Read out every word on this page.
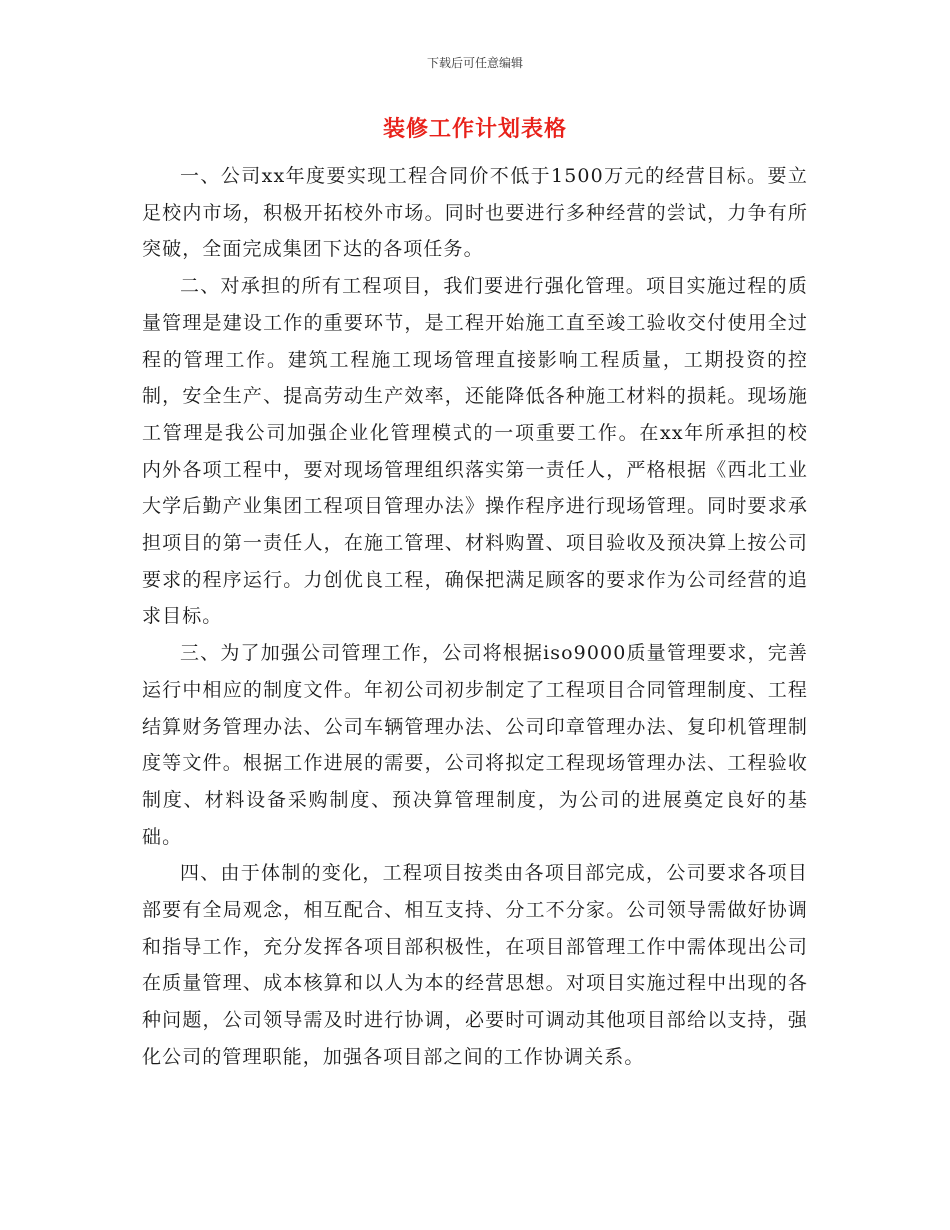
下载后可任意编辑
装修工作计划表格

一、公司xx年度要实现工程合同价不低于1500万元的经营目标。要立足校内市场，积极开拓校外市场。同时也要进行多种经营的尝试，力争有所突破，全面完成集团下达的各项任务。

二、对承担的所有工程项目，我们要进行强化管理。项目实施过程的质量管理是建设工作的重要环节，是工程开始施工直至竣工验收交付使用全过程的管理工作。建筑工程施工现场管理直接影响工程质量，工期投资的控制，安全生产、提高劳动生产效率，还能降低各种施工材料的损耗。现场施工管理是我公司加强企业化管理模式的一项重要工作。在xx年所承担的校内外各项工程中，要对现场管理组织落实第一责任人，严格根据《西北工业大学后勤产业集团工程项目管理办法》操作程序进行现场管理。同时要求承担项目的第一责任人，在施工管理、材料购置、项目验收及预决算上按公司要求的程序运行。力创优良工程，确保把满足顾客的要求作为公司经营的追求目标。

三、为了加强公司管理工作，公司将根据iso9000质量管理要求，完善运行中相应的制度文件。年初公司初步制定了工程项目合同管理制度、工程结算财务管理办法、公司车辆管理办法、公司印章管理办法、复印机管理制度等文件。根据工作进展的需要，公司将拟定工程现场管理办法、工程验收制度、材料设备采购制度、预决算管理制度，为公司的进展奠定良好的基础。

四、由于体制的变化，工程项目按类由各项目部完成，公司要求各项目部要有全局观念，相互配合、相互支持、分工不分家。公司领导需做好协调和指导工作，充分发挥各项目部积极性，在项目部管理工作中需体现出公司在质量管理、成本核算和以人为本的经营思想。对项目实施过程中出现的各种问题，公司领导需及时进行协调，必要时可调动其他项目部给以支持，强化公司的管理职能，加强各项目部之间的工作协调关系。
